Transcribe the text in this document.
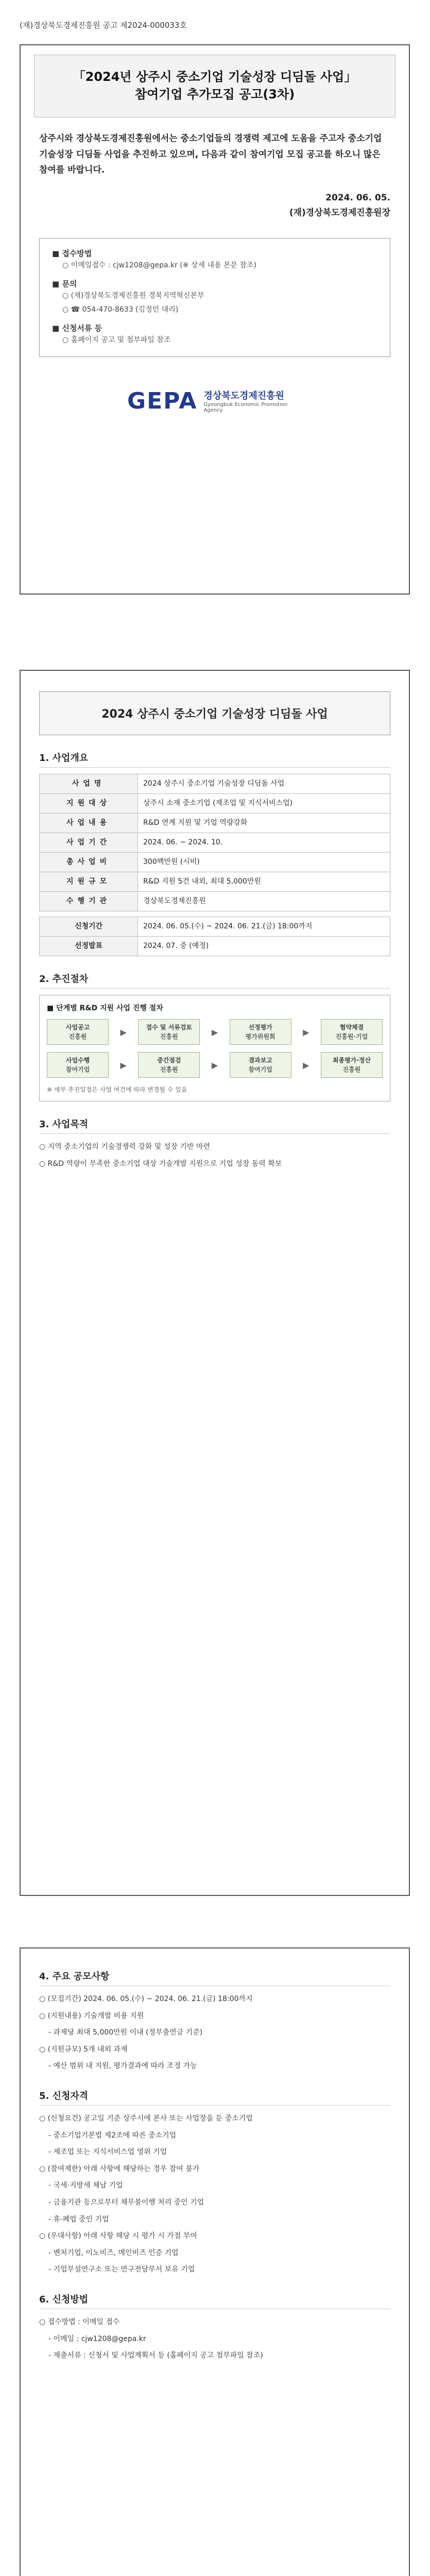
(재)경상북도경제진흥원 공고 제2024-000033호
「2024년 상주시 중소기업 기술성장 디딤돌 사업」
참여기업 추가모집 공고(3차)
상주시와 경상북도경제진흥원에서는 중소기업들의 경쟁력 제고에 도움을 주고자 중소기업 기술성장 디딤돌 사업을 추진하고 있으며, 다음과 같이 참여기업 모집 공고를 하오니 많은 참여를 바랍니다.
2024. 06. 05.
(재)경상북도경제진흥원장
■ 접수방법
○ 이메일접수 : cjw1208@gepa.kr (※ 상세 내용 본문 참조)
■ 문의
○ (재)경상북도경제진흥원 경북지역혁신본부
○ ☎ 054-470-8633 (김정민 대리)
■ 신청서류 등
○ 홈페이지 공고 및 첨부파일 참조
GEPA 경상북도경제진흥원
Gyeongbuk Economic Promotion Agency
2024 상주시 중소기업 기술성장 디딤돌 사업
1. 사업개요
사업명	2024 상주시 중소기업 기술성장 디딤돌 사업
지원대상	상주시 소재 중소기업 (제조업 및 지식서비스업)
사업내용	R&D 연계 지원 및 기업 역량강화
사업기간	2024. 06. ~ 2024. 10.
총사업비	300백만원 (시비)
지원규모	R&D 지원 5건 내외, 최대 5,000만원
수행기관	경상북도경제진흥원
신청기간	2024. 06. 05.(수) ~ 2024. 06. 21.(금) 18:00까지
선정발표	2024. 07. 중 (예정)
2. 추진절차
■ 단계별 R&D 지원 사업 진행 절차
사업공고
진흥원	▶	접수 및 서류검토
진흥원	▶	선정평가
평가위원회	▶	협약체결
진흥원·기업
사업수행
참여기업	▶	중간점검
진흥원	▶	결과보고
참여기업	▶	최종평가·정산
진흥원
※ 세부 추진일정은 사업 여건에 따라 변경될 수 있음
3. 사업목적
○ 지역 중소기업의 기술경쟁력 강화 및 성장 기반 마련
○ R&D 역량이 부족한 중소기업 대상 기술개발 지원으로 기업 성장 동력 확보
4. 주요 공모사항
○ (모집기간) 2024. 06. 05.(수) ~ 2024. 06. 21.(금) 18:00까지
○ (지원내용) 기술개발 비용 지원
- 과제당 최대 5,000만원 이내 (정부출연금 기준)
○ (지원규모) 5개 내외 과제
- 예산 범위 내 지원, 평가결과에 따라 조정 가능
5. 신청자격
○ (신청요건) 공고일 기준 상주시에 본사 또는 사업장을 둔 중소기업
- 중소기업기본법 제2조에 따른 중소기업
- 제조업 또는 지식서비스업 영위 기업
○ (참여제한) 아래 사항에 해당하는 경우 참여 불가
- 국세·지방세 체납 기업
- 금융기관 등으로부터 채무불이행 처리 중인 기업
- 휴·폐업 중인 기업
○ (우대사항) 아래 사항 해당 시 평가 시 가점 부여
- 벤처기업, 이노비즈, 메인비즈 인증 기업
- 기업부설연구소 또는 연구전담부서 보유 기업
6. 신청방법
○ 접수방법 : 이메일 접수
- 이메일 : cjw1208@gepa.kr
- 제출서류 : 신청서 및 사업계획서 등 (홈페이지 공고 첨부파일 참조)
